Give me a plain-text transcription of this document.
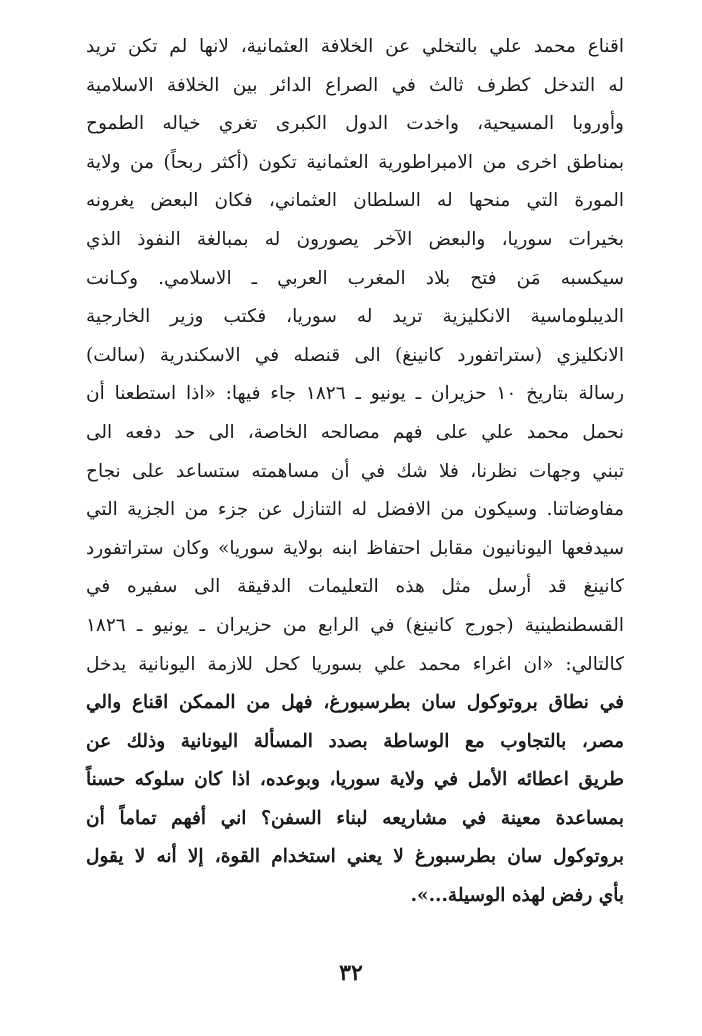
اقناع محمد علي بالتخلي عن الخلافة العثمانية، لانها لم تكن تريد
له التدخل كطرف ثالث في الصراع الدائر بين الخلافة الاسلامية
وأوروبا المسيحية، واخدت الدول الكبرى تغري خياله الطموح
بمناطق اخرى من الامبراطورية العثمانية تكون (أكثر ربحاً) من ولاية
المورة التي منحها له السلطان العثماني، فكان البعض يغرونه
بخيرات سوريا، والبعض الآخر يصورون له بمبالغة النفوذ الذي
سيكسبه مَن فتح بلاد المغرب العربي ـ الاسلامي. وكـانت
الديبلوماسية الانكليزية تريد له سوريا، فكتب وزير الخارجية
الانكليزي (ستراتفورد كانينغ) الى قنصله في الاسكندرية (سالت)
رسالة بتاريخ ١٠ حزيران ـ يونيو ـ ١٨٢٦ جاء فيها: «اذا استطعنا أن
نحمل محمد علي على فهم مصالحه الخاصة، الى حد دفعه الى
تبني وجهات نظرنا، فلا شك في أن مساهمته ستساعد على نجاح
مفاوضاتنا. وسيكون من الافضل له التنازل عن جزء من الجزية التي
سيدفعها اليونانيون مقابل احتفاظ ابنه بولاية سوريا» وكان ستراتفورد
كانينغ قد أرسل مثل هذه التعليمات الدقيقة الى سفيره في
القسطنطينية (جورج كانينغ) في الرابع من حزيران ـ يونيو ـ ١٨٢٦
كالتالي: «ان اغراء محمد علي بسوريا كحل للازمة اليونانية يدخل
في نطاق بروتوكول سان بطرسبورغ، فهل من الممكن اقناع والي
مصر، بالتجاوب مع الوساطة بصدد المسألة اليونانية وذلك عن
طريق اعطائه الأمل في ولاية سوريا، وبوعده، اذا كان سلوكه حسناً
بمساعدة معينة في مشاريعه لبناء السفن؟ اني أفهم تماماً أن
بروتوكول سان بطرسبورغ لا يعني استخدام القوة، إلا أنه لا يقول
بأي رفض لهذه الوسيلة...».
٣٢
